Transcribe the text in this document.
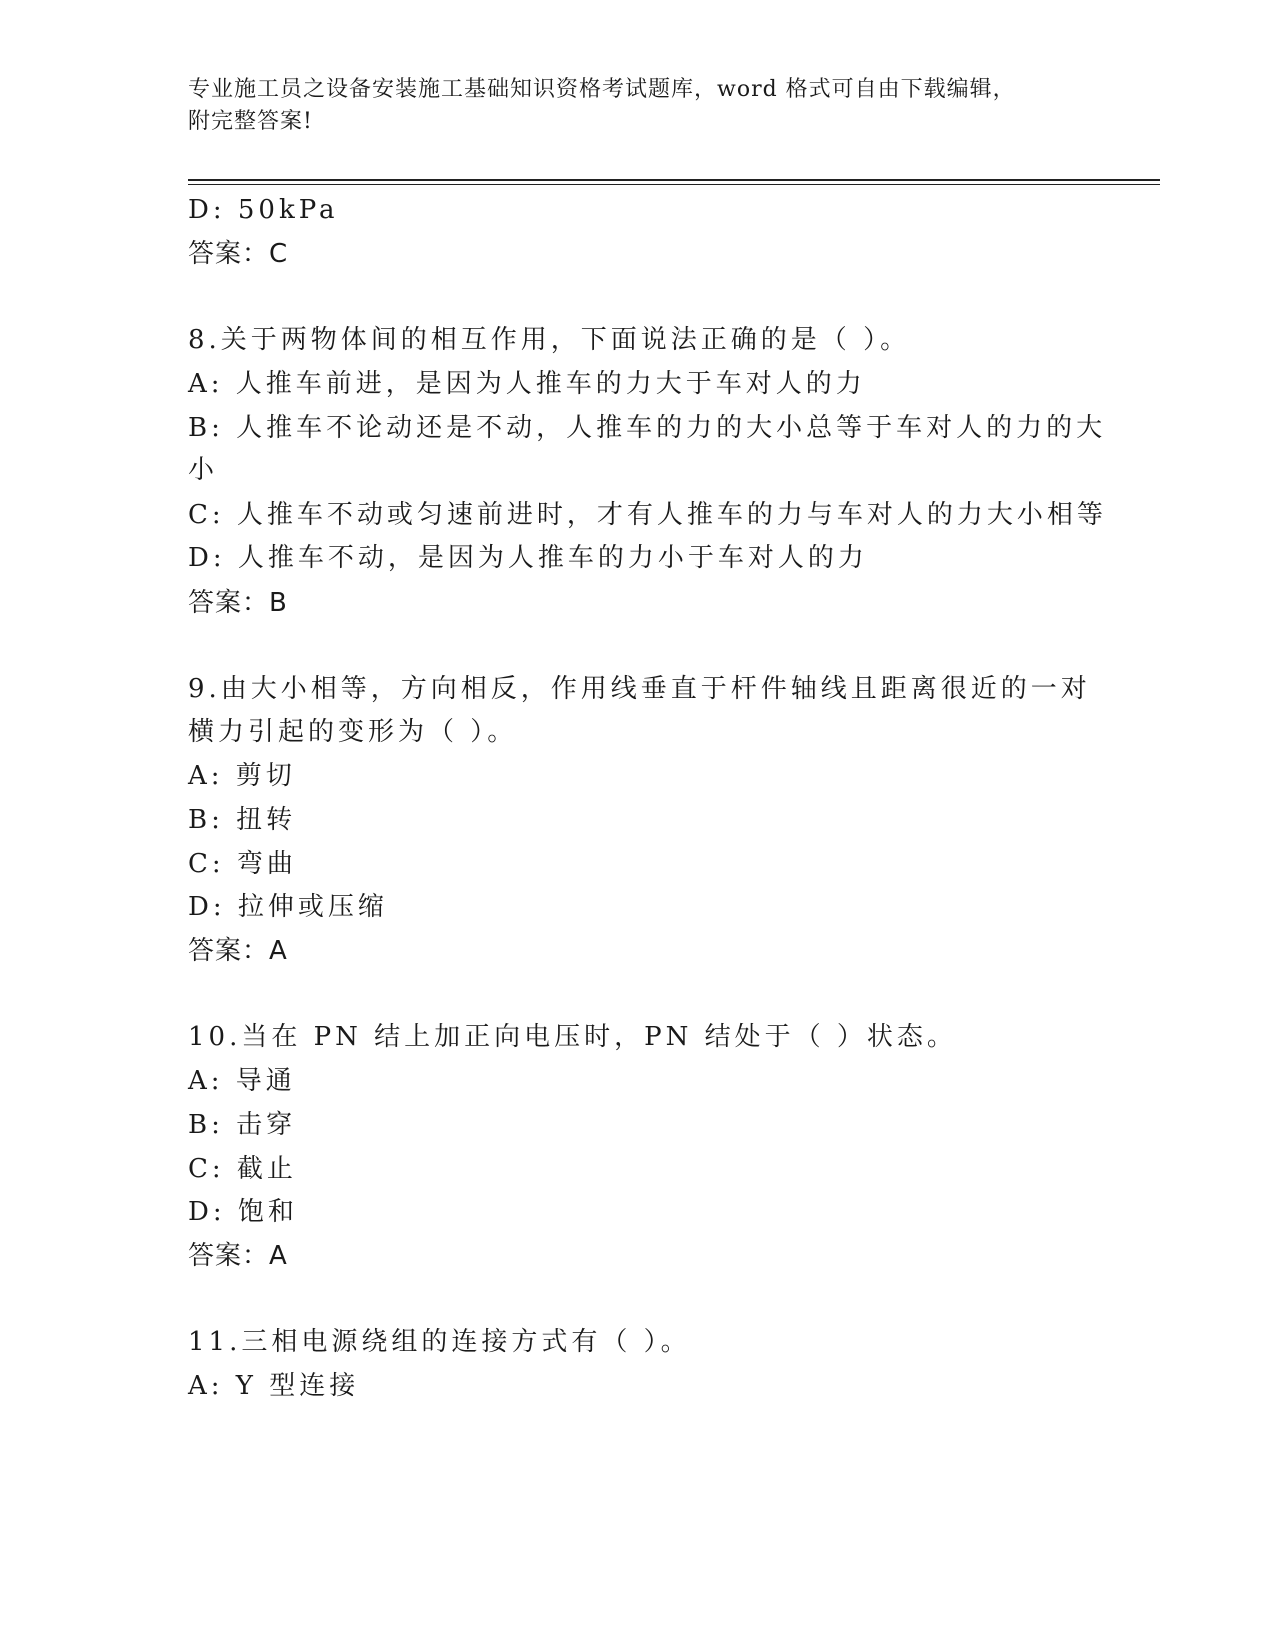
专业施工员之设备安装施工基础知识资格考试题库，word 格式可自由下载编辑，
附完整答案!
D: 50kPa
答案：C
8.关于两物体间的相互作用，下面说法正确的是（ ）。
A: 人推车前进，是因为人推车的力大于车对人的力
B: 人推车不论动还是不动，人推车的力的大小总等于车对人的力的大
小
C: 人推车不动或匀速前进时，才有人推车的力与车对人的力大小相等
D: 人推车不动，是因为人推车的力小于车对人的力
答案：B
9.由大小相等，方向相反，作用线垂直于杆件轴线且距离很近的一对
横力引起的变形为（ ）。
A: 剪切
B: 扭转
C: 弯曲
D: 拉伸或压缩
答案：A
10.当在 PN 结上加正向电压时，PN 结处于（ ）状态。
A: 导通
B: 击穿
C: 截止
D: 饱和
答案：A
11.三相电源绕组的连接方式有（ ）。
A: Y 型连接
